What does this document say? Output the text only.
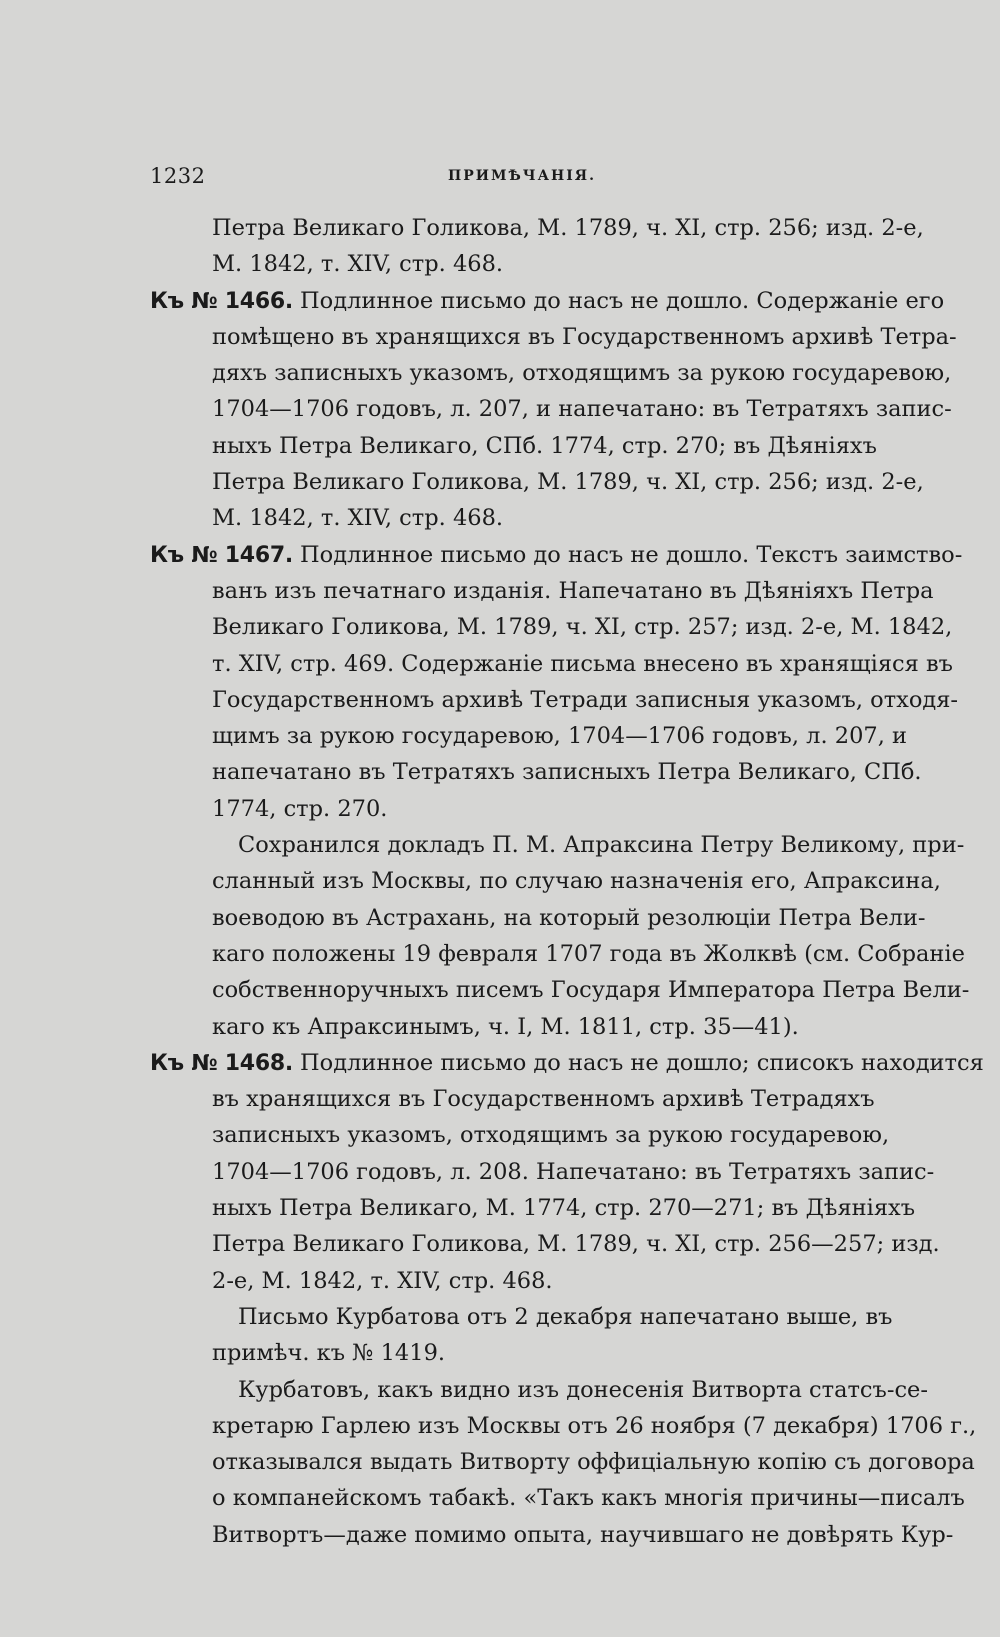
1232	ПРИМѢЧАНІЯ.
Петра Великаго Голикова, М. 1789, ч. XI, стр. 256; изд. 2-е,
М. 1842, т. XIV, стр. 468.
Къ № 1466. Подлинное письмо до насъ не дошло. Содержаніе его
помѣщено въ хранящихся въ Государственномъ архивѣ Тетра-
дяхъ записныхъ указомъ, отходящимъ за рукою государевою,
1704—1706 годовъ, л. 207, и напечатано: въ Тетратяхъ запис-
ныхъ Петра Великаго, СПб. 1774, стр. 270; въ Дѣяніяхъ
Петра Великаго Голикова, М. 1789, ч. XI, стр. 256; изд. 2-е,
М. 1842, т. XIV, стр. 468.
Къ № 1467. Подлинное письмо до насъ не дошло. Текстъ заимство-
ванъ изъ печатнаго изданія. Напечатано въ Дѣяніяхъ Петра
Великаго Голикова, М. 1789, ч. XI, стр. 257; изд. 2-е, М. 1842,
т. XIV, стр. 469. Содержаніе письма внесено въ хранящіяся въ
Государственномъ архивѣ Тетради записныя указомъ, отходя-
щимъ за рукою государевою, 1704—1706 годовъ, л. 207, и
напечатано въ Тетратяхъ записныхъ Петра Великаго, СПб.
1774, стр. 270.
Сохранился докладъ П. М. Апраксина Петру Великому, при-
сланный изъ Москвы, по случаю назначенія его, Апраксина,
воеводою въ Астрахань, на который резолюціи Петра Вели-
каго положены 19 февраля 1707 года въ Жолквѣ (см. Собраніе
собственноручныхъ писемъ Государя Императора Петра Вели-
каго къ Апраксинымъ, ч. I, М. 1811, стр. 35—41).
Къ № 1468. Подлинное письмо до насъ не дошло; списокъ находится
въ хранящихся въ Государственномъ архивѣ Тетрадяхъ
записныхъ указомъ, отходящимъ за рукою государевою,
1704—1706 годовъ, л. 208. Напечатано: въ Тетратяхъ запис-
ныхъ Петра Великаго, М. 1774, стр. 270—271; въ Дѣяніяхъ
Петра Великаго Голикова, М. 1789, ч. XI, стр. 256—257; изд.
2-е, М. 1842, т. XIV, стр. 468.
Письмо Курбатова отъ 2 декабря напечатано выше, въ
примѣч. къ № 1419.
Курбатовъ, какъ видно изъ донесенія Витворта статсъ-се-
кретарю Гарлею изъ Москвы отъ 26 ноября (7 декабря) 1706 г.,
отказывался выдать Витворту оффиціальную копію съ договора
о компанейскомъ табакѣ. «Такъ какъ многія причины—писалъ
Витвортъ—даже помимо опыта, научившаго не довѣрять Кур-
